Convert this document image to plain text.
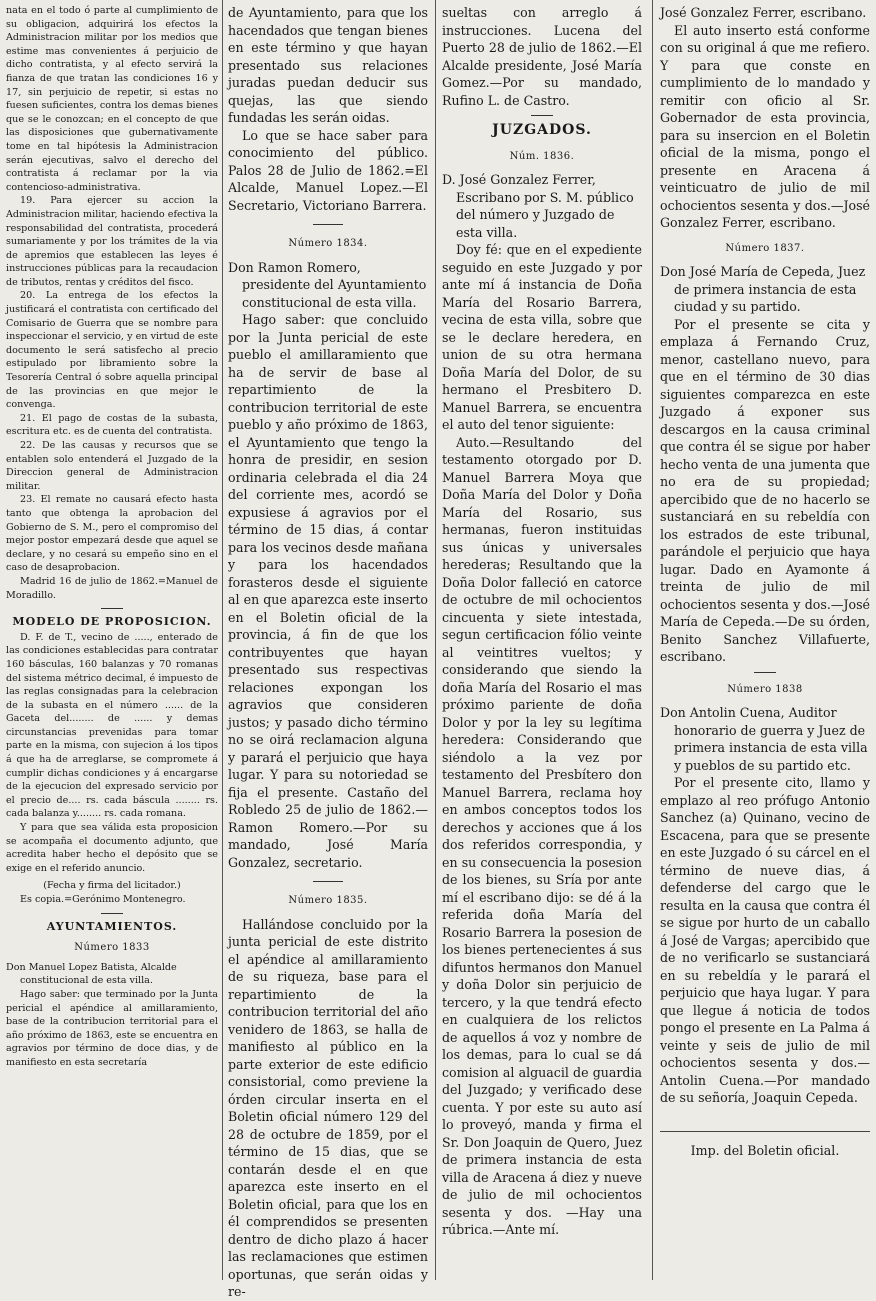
nata en el todo ó parte al cumplimiento de su obligacion, adquirirá los efectos la Administracion militar por los medios que estime mas convenientes á perjuicio de dicho contratista, y al efecto servirá la fianza de que tratan las condiciones 16 y 17, sin perjuicio de repetir, si estas no fuesen suficientes, contra los demas bienes que se le conozcan; en el concepto de que las disposiciones que gubernativamente tome en tal hipótesis la Administracion serán ejecutivas, salvo el derecho del contratista á reclamar por la via contencioso-administrativa.

19. Para ejercer su accion la Administracion militar, haciendo efectiva la responsabilidad del contratista, procederá sumariamente y por los trámites de la via de apremios que establecen las leyes é instrucciones públicas para la recaudacion de tributos, rentas y créditos del fisco.

20. La entrega de los efectos la justificará el contratista con certificado del Comisario de Guerra que se nombre para inspeccionar el servicio, y en virtud de este documento le será satisfecho al precio estipulado por libramiento sobre la Tesorería Central ó sobre aquella principal de las provincias en que mejor le convenga.

21. El pago de costas de la subasta, escritura etc. es de cuenta del contratista.

22. De las causas y recursos que se entablen solo entenderá el Juzgado de la Direccion general de Administracion militar.

23. El remate no causará efecto hasta tanto que obtenga la aprobacion del Gobierno de S. M., pero el compromiso del mejor postor empezará desde que aquel se declare, y no cesará su empeño sino en el caso de desaprobacion.

Madrid 16 de julio de 1862.=Manuel de Moradillo.

MODELO DE PROPOSICION.

D. F. de T., vecino de ....., enterado de las condiciones establecidas para contratar 160 básculas, 160 balanzas y 70 romanas del sistema métrico decimal, é impuesto de las reglas consignadas para la celebracion de la subasta en el número ...... de la Gaceta del........ de ...... y demas circunstancias prevenidas para tomar parte en la misma, con sujecion á los tipos á que ha de arreglarse, se compromete á cumplir dichas condiciones y á encargarse de la ejecucion del expresado servicio por el precio de.... rs. cada báscula ........ rs. cada balanza y........ rs. cada romana.

Y para que sea válida esta proposicion se acompaña el documento adjunto, que acredita haber hecho el depósito que se exige en el referido anuncio.

(Fecha y firma del licitador.)

Es copia.=Gerónimo Montenegro.

AYUNTAMIENTOS.
Número 1833

Don Manuel Lopez Batista, Alcalde constitucional de esta villa.

Hago saber: que terminado por la Junta pericial el apéndice al amillaramiento, base de la contribucion territorial para el año próximo de 1863, este se encuentra en agravios por término de doce dias, y de manifiesto en esta secretaría

de Ayuntamiento, para que los hacendados que tengan bienes en este término y que hayan presentado sus relaciones juradas puedan deducir sus quejas, las que siendo fundadas les serán oidas.

Lo que se hace saber para conocimiento del público. Palos 28 de Julio de 1862.=El Alcalde, Manuel Lopez.—El Secretario, Victoriano Barrera.

Número 1834.

Don Ramon Romero, presidente del Ayuntamiento constitucional de esta villa.

Hago saber: que concluido por la Junta pericial de este pueblo el amillaramiento que ha de servir de base al repartimiento de la contribucion territorial de este pueblo y año próximo de 1863, el Ayuntamiento que tengo la honra de presidir, en sesion ordinaria celebrada el dia 24 del corriente mes, acordó se expusiese á agravios por el término de 15 dias, á contar para los vecinos desde mañana y para los hacendados forasteros desde el siguiente al en que aparezca este inserto en el Boletin oficial de la provincia, á fin de que los contribuyentes que hayan presentado sus respectivas relaciones expongan los agravios que consideren justos; y pasado dicho término no se oirá reclamacion alguna y parará el perjuicio que haya lugar. Y para su notoriedad se fija el presente. Castaño del Robledo 25 de julio de 1862.—Ramon Romero.—Por su mandado, José María Gonzalez, secretario.

Número 1835.

Hallándose concluido por la junta pericial de este distrito el apéndice al amillaramiento de su riqueza, base para el repartimiento de la contribucion territorial del año venidero de 1863, se halla de manifiesto al público en la parte exterior de este edificio consistorial, como previene la órden circular inserta en el Boletin oficial número 129 del 28 de octubre de 1859, por el término de 15 dias, que se contarán desde el en que aparezca este inserto en el Boletin oficial, para que los en él comprendidos se presenten dentro de dicho plazo á hacer las reclamaciones que estimen oportunas, que serán oidas y re-

sueltas con arreglo á instrucciones. Lucena del Puerto 28 de julio de 1862.—El Alcalde presidente, José María Gomez.—Por su mandado, Rufino L. de Castro.

JUZGADOS.
Núm. 1836.

D. José Gonzalez Ferrer, Escribano por S. M. público del número y Juzgado de esta villa.

Doy fé: que en el expediente seguido en este Juzgado y por ante mí á instancia de Doña María del Rosario Barrera, vecina de esta villa, sobre que se le declare heredera, en union de su otra hermana Doña María del Dolor, de su hermano el Presbitero D. Manuel Barrera, se encuentra el auto del tenor siguiente:

Auto.—Resultando del testamento otorgado por D. Manuel Barrera Moya que Doña María del Dolor y Doña María del Rosario, sus hermanas, fueron instituidas sus únicas y universales herederas; Resultando que la Doña Dolor falleció en catorce de octubre de mil ochocientos cincuenta y siete intestada, segun certificacion fólio veinte al veintitres vueltos; y considerando que siendo la doña María del Rosario el mas próximo pariente de doña Dolor y por la ley su legítima heredera: Considerando que siéndolo a la vez por testamento del Presbítero don Manuel Barrera, reclama hoy en ambos conceptos todos los derechos y acciones que á los dos referidos correspondia, y en su consecuencia la posesion de los bienes, su Sría por ante mí el escribano dijo: se dé á la referida doña María del Rosario Barrera la posesion de los bienes pertenecientes á sus difuntos hermanos don Manuel y doña Dolor sin perjuicio de tercero, y la que tendrá efecto en cualquiera de los relictos de aquellos á voz y nombre de los demas, para lo cual se dá comision al alguacil de guardia del Juzgado; y verificado dese cuenta. Y por este su auto así lo proveyó, manda y firma el Sr. Don Joaquin de Quero, Juez de primera instancia de esta villa de Aracena á diez y nueve de julio de mil ochocientos sesenta y dos. —Hay una rúbrica.—Ante mí.

José Gonzalez Ferrer, escribano.

El auto inserto está conforme con su original á que me refiero. Y para que conste en cumplimiento de lo mandado y remitir con oficio al Sr. Gobernador de esta provincia, para su insercion en el Boletin oficial de la misma, pongo el presente en Aracena á veinticuatro de julio de mil ochocientos sesenta y dos.—José Gonzalez Ferrer, escribano.

Número 1837.

Don José María de Cepeda, Juez de primera instancia de esta ciudad y su partido.

Por el presente se cita y emplaza á Fernando Cruz, menor, castellano nuevo, para que en el término de 30 dias siguientes comparezca en este Juzgado á exponer sus descargos en la causa criminal que contra él se sigue por haber hecho venta de una jumenta que no era de su propiedad; apercibido que de no hacerlo se sustanciará en su rebeldía con los estrados de este tribunal, parándole el perjuicio que haya lugar. Dado en Ayamonte á treinta de julio de mil ochocientos sesenta y dos.—José María de Cepeda.—De su órden, Benito Sanchez Villafuerte, escribano.

Número 1838

Don Antolin Cuena, Auditor honorario de guerra y Juez de primera instancia de esta villa y pueblos de su partido etc.

Por el presente cito, llamo y emplazo al reo prófugo Antonio Sanchez (a) Quinano, vecino de Escacena, para que se presente en este Juzgado ó su cárcel en el término de nueve dias, á defenderse del cargo que le resulta en la causa que contra él se sigue por hurto de un caballo á José de Vargas; apercibido que de no verificarlo se sustanciará en su rebeldía y le parará el perjuicio que haya lugar. Y para que llegue á noticia de todos pongo el presente en La Palma á veinte y seis de julio de mil ochocientos sesenta y dos.—Antolin Cuena.—Por mandado de su señoría, Joaquin Cepeda.

Imp. del Boletin oficial.
